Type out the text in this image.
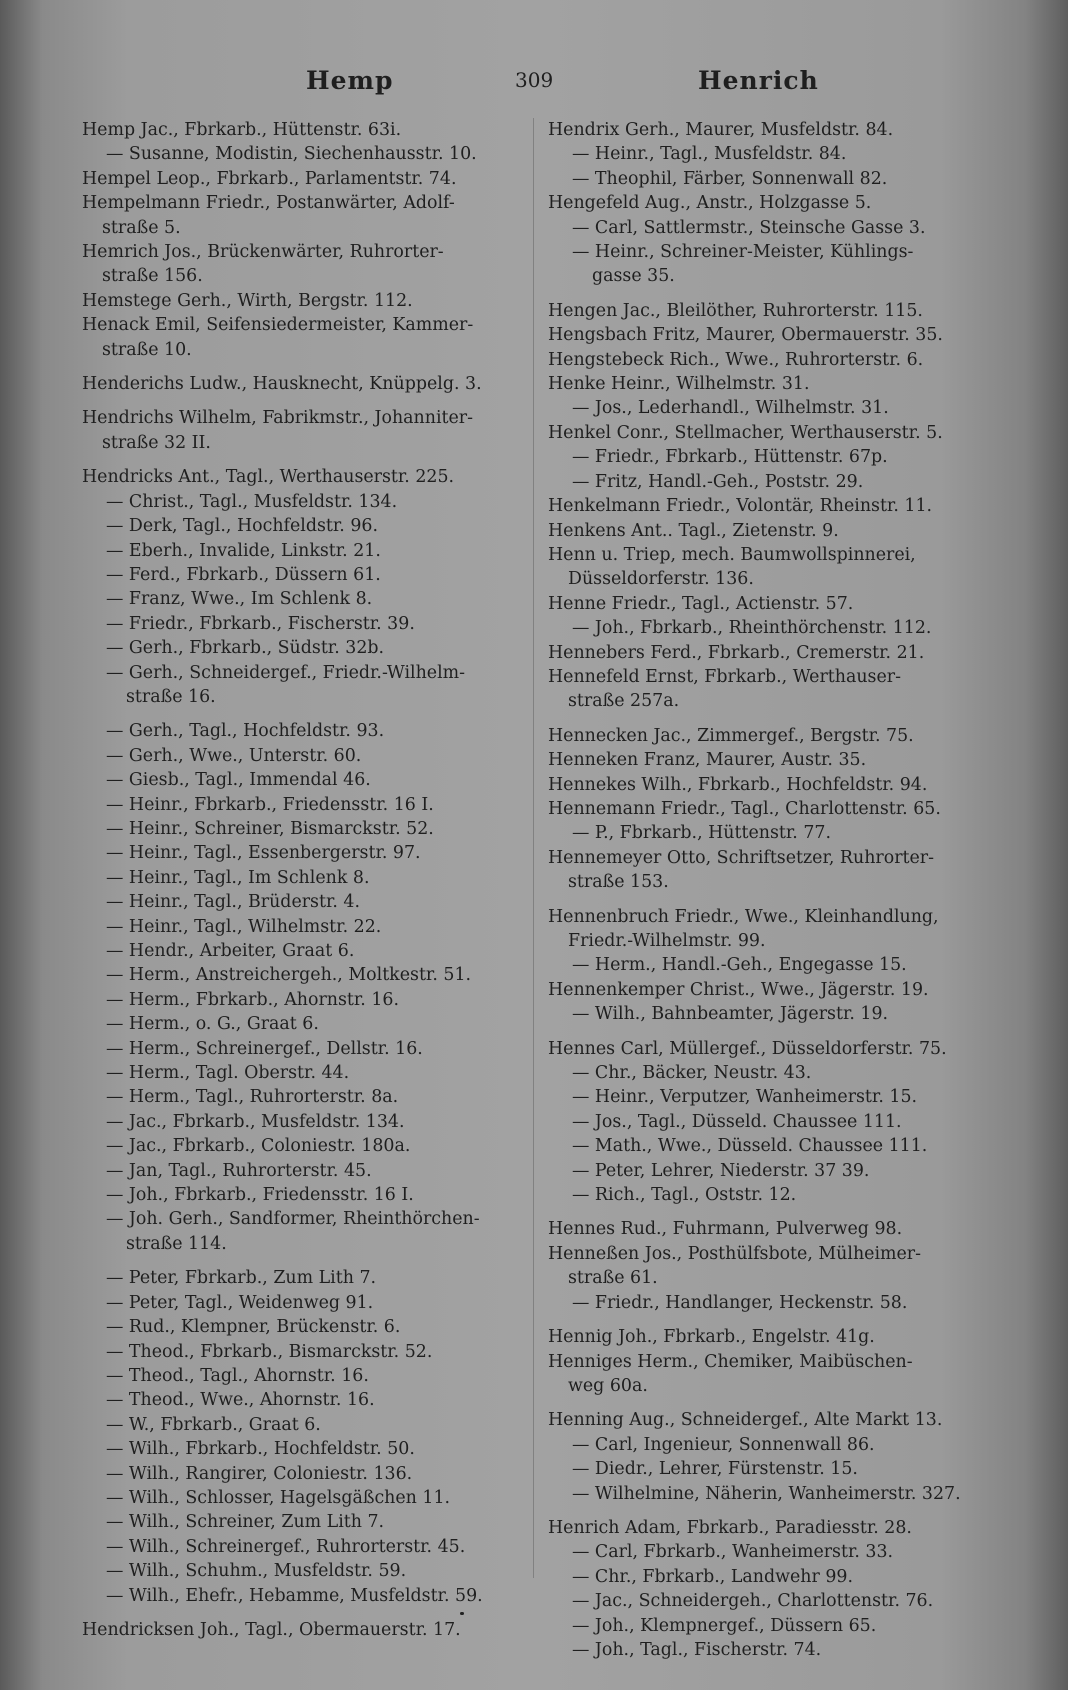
Hemp	309	Henrich
Hemp Jac., Fbrkarb., Hüttenstr. 63i.
— Susanne, Modistin, Siechenhausstr. 10.
Hempel Leop., Fbrkarb., Parlamentstr. 74.
Hempelmann Friedr., Postanwärter, Adolf-
straße 5.
Hemrich Jos., Brückenwärter, Ruhrorter-
straße 156.
Hemstege Gerh., Wirth, Bergstr. 112.
Henack Emil, Seifensiedermeister, Kammer-
straße 10.
Henderichs Ludw., Hausknecht, Knüppelg. 3.
Hendrichs Wilhelm, Fabrikmstr., Johanniter-
straße 32 II.
Hendricks Ant., Tagl., Werthauserstr. 225.
— Christ., Tagl., Musfeldstr. 134.
— Derk, Tagl., Hochfeldstr. 96.
— Eberh., Invalide, Linkstr. 21.
— Ferd., Fbrkarb., Düssern 61.
— Franz, Wwe., Im Schlenk 8.
— Friedr., Fbrkarb., Fischerstr. 39.
— Gerh., Fbrkarb., Südstr. 32b.
— Gerh., Schneidergef., Friedr.-Wilhelm-
straße 16.
— Gerh., Tagl., Hochfeldstr. 93.
— Gerh., Wwe., Unterstr. 60.
— Giesb., Tagl., Immendal 46.
— Heinr., Fbrkarb., Friedensstr. 16 I.
— Heinr., Schreiner, Bismarckstr. 52.
— Heinr., Tagl., Essenbergerstr. 97.
— Heinr., Tagl., Im Schlenk 8.
— Heinr., Tagl., Brüderstr. 4.
— Heinr., Tagl., Wilhelmstr. 22.
— Hendr., Arbeiter, Graat 6.
— Herm., Anstreichergeh., Moltkestr. 51.
— Herm., Fbrkarb., Ahornstr. 16.
— Herm., o. G., Graat 6.
— Herm., Schreinergef., Dellstr. 16.
— Herm., Tagl. Oberstr. 44.
— Herm., Tagl., Ruhrorterstr. 8a.
— Jac., Fbrkarb., Musfeldstr. 134.
— Jac., Fbrkarb., Coloniestr. 180a.
— Jan, Tagl., Ruhrorterstr. 45.
— Joh., Fbrkarb., Friedensstr. 16 I.
— Joh. Gerh., Sandformer, Rheinthörchen-
straße 114.
— Peter, Fbrkarb., Zum Lith 7.
— Peter, Tagl., Weidenweg 91.
— Rud., Klempner, Brückenstr. 6.
— Theod., Fbrkarb., Bismarckstr. 52.
— Theod., Tagl., Ahornstr. 16.
— Theod., Wwe., Ahornstr. 16.
— W., Fbrkarb., Graat 6.
— Wilh., Fbrkarb., Hochfeldstr. 50.
— Wilh., Rangirer, Coloniestr. 136.
— Wilh., Schlosser, Hagelsgäßchen 11.
— Wilh., Schreiner, Zum Lith 7.
— Wilh., Schreinergef., Ruhrorterstr. 45.
— Wilh., Schuhm., Musfeldstr. 59.
— Wilh., Ehefr., Hebamme, Musfeldstr. 59.
Hendricksen Joh., Tagl., Obermauerstr. 17.
Hendrix Gerh., Maurer, Musfeldstr. 84.
— Heinr., Tagl., Musfeldstr. 84.
— Theophil, Färber, Sonnenwall 82.
Hengefeld Aug., Anstr., Holzgasse 5.
— Carl, Sattlermstr., Steinsche Gasse 3.
— Heinr., Schreiner-Meister, Kühlings-
gasse 35.
Hengen Jac., Bleilöther, Ruhrorterstr. 115.
Hengsbach Fritz, Maurer, Obermauerstr. 35.
Hengstebeck Rich., Wwe., Ruhrorterstr. 6.
Henke Heinr., Wilhelmstr. 31.
— Jos., Lederhandl., Wilhelmstr. 31.
Henkel Conr., Stellmacher, Werthauserstr. 5.
— Friedr., Fbrkarb., Hüttenstr. 67p.
— Fritz, Handl.-Geh., Poststr. 29.
Henkelmann Friedr., Volontär, Rheinstr. 11.
Henkens Ant.. Tagl., Zietenstr. 9.
Henn u. Triep, mech. Baumwollspinnerei,
Düsseldorferstr. 136.
Henne Friedr., Tagl., Actienstr. 57.
— Joh., Fbrkarb., Rheinthörchenstr. 112.
Hennebers Ferd., Fbrkarb., Cremerstr. 21.
Hennefeld Ernst, Fbrkarb., Werthauser-
straße 257a.
Hennecken Jac., Zimmergef., Bergstr. 75.
Henneken Franz, Maurer, Austr. 35.
Hennekes Wilh., Fbrkarb., Hochfeldstr. 94.
Hennemann Friedr., Tagl., Charlottenstr. 65.
— P., Fbrkarb., Hüttenstr. 77.
Hennemeyer Otto, Schriftsetzer, Ruhrorter-
straße 153.
Hennenbruch Friedr., Wwe., Kleinhandlung,
Friedr.-Wilhelmstr. 99.
— Herm., Handl.-Geh., Engegasse 15.
Hennenkemper Christ., Wwe., Jägerstr. 19.
— Wilh., Bahnbeamter, Jägerstr. 19.
Hennes Carl, Müllergef., Düsseldorferstr. 75.
— Chr., Bäcker, Neustr. 43.
— Heinr., Verputzer, Wanheimerstr. 15.
— Jos., Tagl., Düsseld. Chaussee 111.
— Math., Wwe., Düsseld. Chaussee 111.
— Peter, Lehrer, Niederstr. 37 39.
— Rich., Tagl., Oststr. 12.
Hennes Rud., Fuhrmann, Pulverweg 98.
Henneßen Jos., Posthülfsbote, Mülheimer-
straße 61.
— Friedr., Handlanger, Heckenstr. 58.
Hennig Joh., Fbrkarb., Engelstr. 41g.
Henniges Herm., Chemiker, Maibüschen-
weg 60a.
Henning Aug., Schneidergef., Alte Markt 13.
— Carl, Ingenieur, Sonnenwall 86.
— Diedr., Lehrer, Fürstenstr. 15.
— Wilhelmine, Näherin, Wanheimerstr. 327.
Henrich Adam, Fbrkarb., Paradiesstr. 28.
— Carl, Fbrkarb., Wanheimerstr. 33.
— Chr., Fbrkarb., Landwehr 99.
— Jac., Schneidergeh., Charlottenstr. 76.
— Joh., Klempnergef., Düssern 65.
— Joh., Tagl., Fischerstr. 74.
